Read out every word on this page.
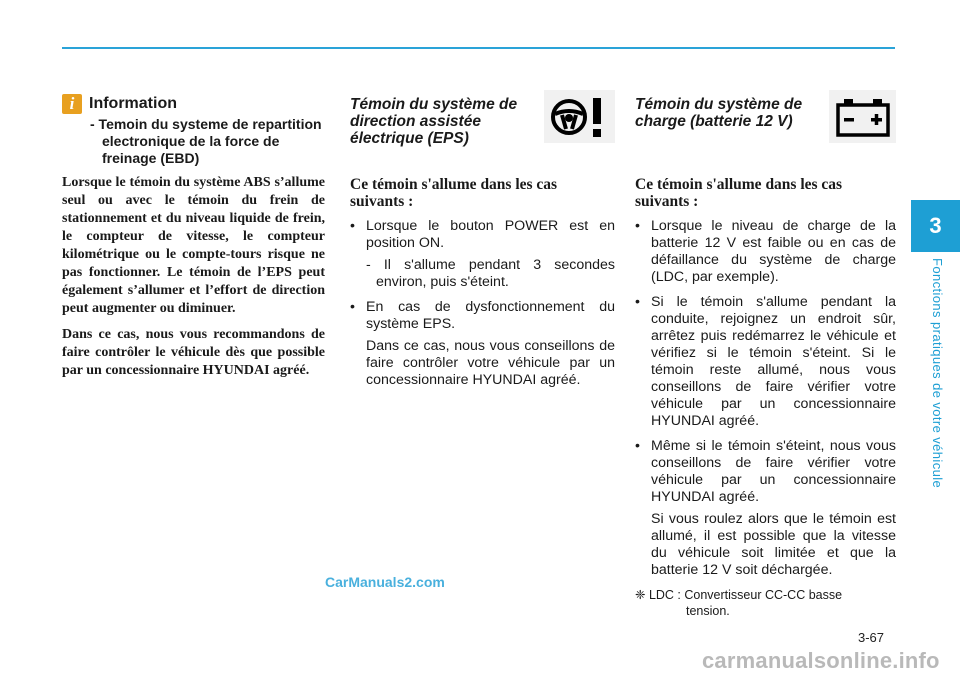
i Information
- Temoin du systeme de repartition electronique de la force de freinage (EBD)

Lorsque le témoin du système ABS s’allume seul ou avec le témoin du frein de stationnement et du niveau liquide de frein, le compteur de vitesse, le compteur kilométrique ou le compte-tours risque ne pas fonctionner. Le témoin de l’EPS peut également s’allumer et l’effort de direction peut augmenter ou diminuer.

Dans ce cas, nous vous recommandons de faire contrôler le véhicule dès que possible par un concessionnaire HYUNDAI agréé.

Témoin du système de direction assistée électrique (EPS)
Ce témoin s'allume dans les cas suivants :
• Lorsque le bouton POWER est en position ON.
- Il s'allume pendant 3 secondes environ, puis s'éteint.
• En cas de dysfonctionnement du système EPS.
Dans ce cas, nous vous conseillons de faire contrôler votre véhicule par un concessionnaire HYUNDAI agréé.
Témoin du système de charge (batterie 12 V)
Ce témoin s'allume dans les cas suivants :
• Lorsque le niveau de charge de la batterie 12 V est faible ou en cas de défaillance du système de charge (LDC, par exemple).
• Si le témoin s'allume pendant la conduite, rejoignez un endroit sûr, arrêtez puis redémarrez le véhicule et vérifiez si le témoin s'éteint. Si le témoin reste allumé, nous vous conseillons de faire vérifier votre véhicule par un concessionnaire HYUNDAI agréé.
• Même si le témoin s'éteint, nous vous conseillons de faire vérifier votre véhicule par un concessionnaire HYUNDAI agréé.
Si vous roulez alors que le témoin est allumé, il est possible que la vitesse du véhicule soit limitée et que la batterie 12 V soit déchargée.
❈ LDC : Convertisseur CC-CC basse
tension.
3
Fonctions pratiques de votre véhicule
3-67
CarManuals2.com
carmanualsonline.info
